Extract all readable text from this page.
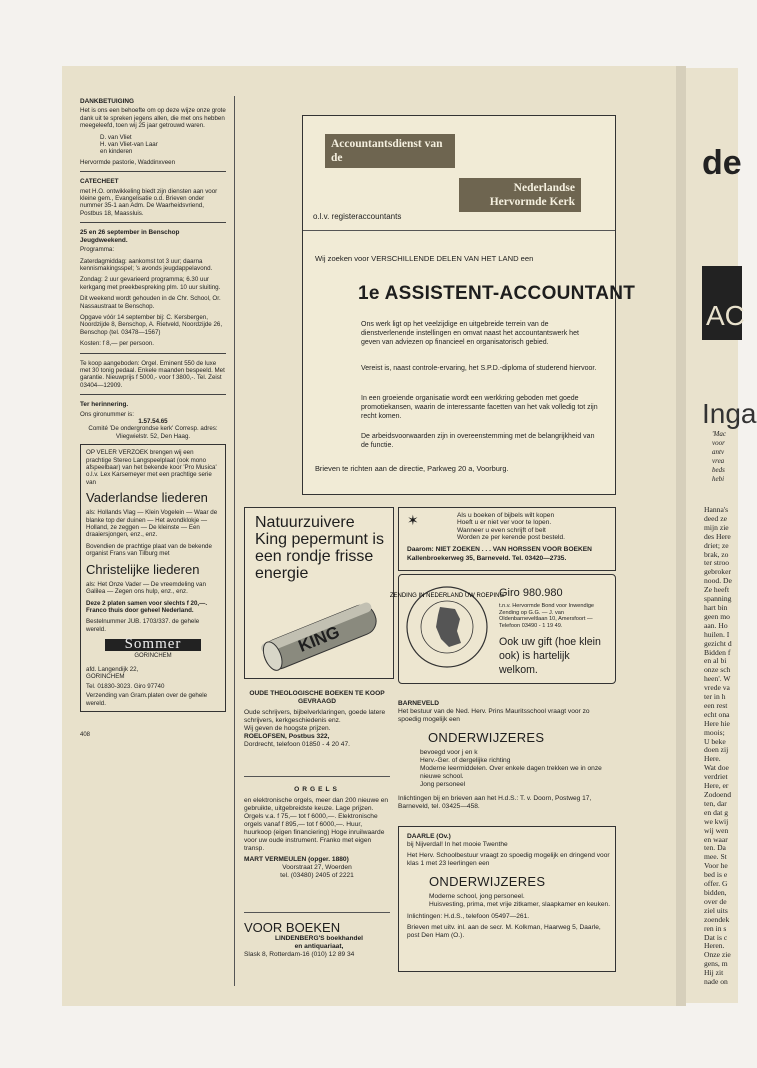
DANKBETUIGING

Het is ons een behoefte om op deze wijze onze grote dank uit te spreken jegens allen, die met ons hebben meegeleefd, toen wij 25 jaar getrouwd waren.

D. van Vliet
H. van Vliet-van Laar
en kinderen

Hervormde pastorie, Waddinxveen

CATECHEET

met H.O. ontwikkeling biedt zijn diensten aan voor kleine gem., Evangelisatie o.d. Brieven onder nummer 35-1 aan Adm. De Waarheidsvriend, Postbus 18, Maassluis.

25 en 26 september in Benschop Jeugdweekend.

Programma:

Zaterdagmiddag: aankomst tot 3 uur; daarna kennismakingsspel; 's avonds jeugdappelavond.

Zondag: 2 uur gevarieerd programma; 6.30 uur kerkgang met preekbespreking plm. 10 uur sluiting.

Dit weekend wordt gehouden in de Chr. School, Or. Nassaustraat te Benschop.

Opgave vóór 14 september bij: C. Kersbergen, Noordzijde 8, Benschop, A. Rietveld, Noordzijde 26, Benschop (tel. 03478—1567)

Kosten: f 8,— per persoon.

Te koop aangeboden: Orgel. Eminent 550 de luxe met 30 tonig pedaal. Enkele maanden bespeeld. Met garantie. Nieuwprijs f 5000,- voor f 3800,-. Tel. Zeist 03404—12909.

Ter herinnering.

Ons gironummer is:

1.57.54.65

Comité 'De ondergrondse kerk' Corresp. adres: Vliegwielstr. 52, Den Haag.

OP VELER VERZOEK brengen wij een prachtige Stereo Langspeelplaat (ook mono afspeelbaar) van het bekende koor 'Pro Musica' o.l.v. Lex Karsemeyer met een prachtige serie van

Vaderlandse liederen

als: Hollands Vlag — Klein Vogelein — Waar de blanke top der duinen — Het avondklokje — Holland, ze zeggen — De kleinste — Een draaiersjongen, enz., enz.

Bovendien de prachtige plaat van de bekende organist Frans van Tilburg met

Christelijke liederen

als: Het Onze Vader — De vreemdeling van Galilea — Zegen ons hulp, enz., enz.

Deze 2 platen samen voor slechts f 20,—. Franco thuis door geheel Nederland.

Bestelnummer JUB. 1703/337. de gehele wereld.

Sommer
GORINCHEM

afd. Langendijk 22,

GORINCHEM

Tel. 01830-3023. Giro 97740

Verzending van Gram.platen over de gehele wereld.

408

Accountantsdienst van de
Nederlandse Hervormde Kerk
o.l.v. registeraccountants
Wij zoeken voor VERSCHILLENDE DELEN VAN HET LAND een
Ons werk ligt op het veelzijdige en uitgebreide terrein van de dienstverlenende instellingen en omvat naast het accountantswerk het geven van adviezen op financieel en organisatorisch gebied.
Vereist is, naast controle-ervaring, het S.P.D.-diploma of studerend hiervoor.
In een groeiende organisatie wordt een werkkring geboden met goede promotiekansen, waarin de interessante facetten van het vak volledig tot zijn recht komen.
De arbeidsvoorwaarden zijn in overeenstemming met de belangrijkheid van de functie.
Brieven te richten aan de directie, Parkweg 20 a, Voorburg.
1e ASSISTENT-ACCOUNTANT

Natuurzuivere King pepermunt is een rondje frisse energie

KING
✶	Als u boeken of bijbels wilt kopen
Hoeft u er niet ver voor te lopen.
Wanneer u even schrijft of belt
Worden ze per kerende post besteld.
Daarom: NIET ZOEKEN . . . VAN HORSSEN VOOR BOEKEN
Kallenbroekerweg 35, Barneveld. Tel. 03420—2735.
ZENDING IN NEDERLAND UW ROEPING
Giro 980.980
t.n.v. Hervormde Bond voor Inwendige Zending op G.G. — J. van Oldenbarneveltlaan 10, Amersfoort — Telefoon 03490 - 1 19 49.
Ook uw gift (hoe klein ook) is hartelijk welkom.
OUDE THEOLOGISCHE BOEKEN TE KOOP GEVRAAGD
Oude schrijvers, bijbelverklaringen, goede latere schrijvers, kerkgeschiedenis enz.
Wij geven de hoogste prijzen.
ROELOFSEN, Postbus 322,
Dordrecht, telefoon 01850 - 4 20 47.
ORGELS
en elektronische orgels, meer dan 200 nieuwe en gebruikte, uitgebreidste keuze. Lage prijzen. Orgels v.a. f 75,— tot f 6000,—. Elektronische orgels vanaf f 895,— tot f 6000,—. Huur, huurkoop (eigen financiering) Hoge inruilwaarde voor uw oude instrument. Franko met eigen transp.
MART VERMEULEN (opger. 1880)
Voorstraat 27, Woerden
tel. (03480) 2405 of 2221
VOOR BOEKEN
LINDENBERG'S boekhandel
en antiquariaat,
Slask 8, Rotterdam-16 (010) 12 89 34
BARNEVELD
Het bestuur van de Ned. Herv. Prins Mauritsschool vraagt voor zo spoedig mogelijk een
ONDERWIJZERES
bevoegd voor j en k
Herv.-Ger. of dergelijke richting
Moderne leermiddelen. Over enkele dagen trekken we in onze nieuwe school.
Jong personeel
Inlichtingen bij en brieven aan het H.d.S.: T. v. Doorn, Postweg 17, Barneveld, tel. 03425—458.
DAARLE (Ov.)
bij Nijverdal! In het mooie Twenthe
Het Herv. Schoolbestuur vraagt zo spoedig mogelijk en dringend voor klas 1 met 23 leerlingen een
ONDERWIJZERES
Moderne school, jong personeel.
Huisvesting, prima, met vrije zitkamer, slaapkamer en keuken.
Inlichtingen: H.d.S., telefoon 05497—261.
Brieven met uitv. inl. aan de secr. M. Kolkman, Haarweg 5, Daarle, post Den Ham (O.).
de
AC
Inga
'Mac
voor
antv
vrea
beds
hebi
Hanna's
deed ze
mijn zie
des Here
driet; ze
brak, zo
ter stroo
gebroker
nood. De
Ze heeft
spanning
hart bin
geen mo
aan. Ho
huilen. I
gezicht d
Bidden f
en al bi
onze sch
heen'. W
vrede va
ter in h
een rest
echt ona
Here hie
moois;
U beke
doen zij
Here.
Wat doe
verdriet
Here, er
Zodoend
ten, dar
en dat g
we kwij
wij wen
en waar
ten. Da
mee. St
Voor he
bed is e
offer. G
bidden,
over de
ziel uits
zoendek
ren in s
Dat is c
Heren.
Onze zie
gens, m
Hij zit
nade on
